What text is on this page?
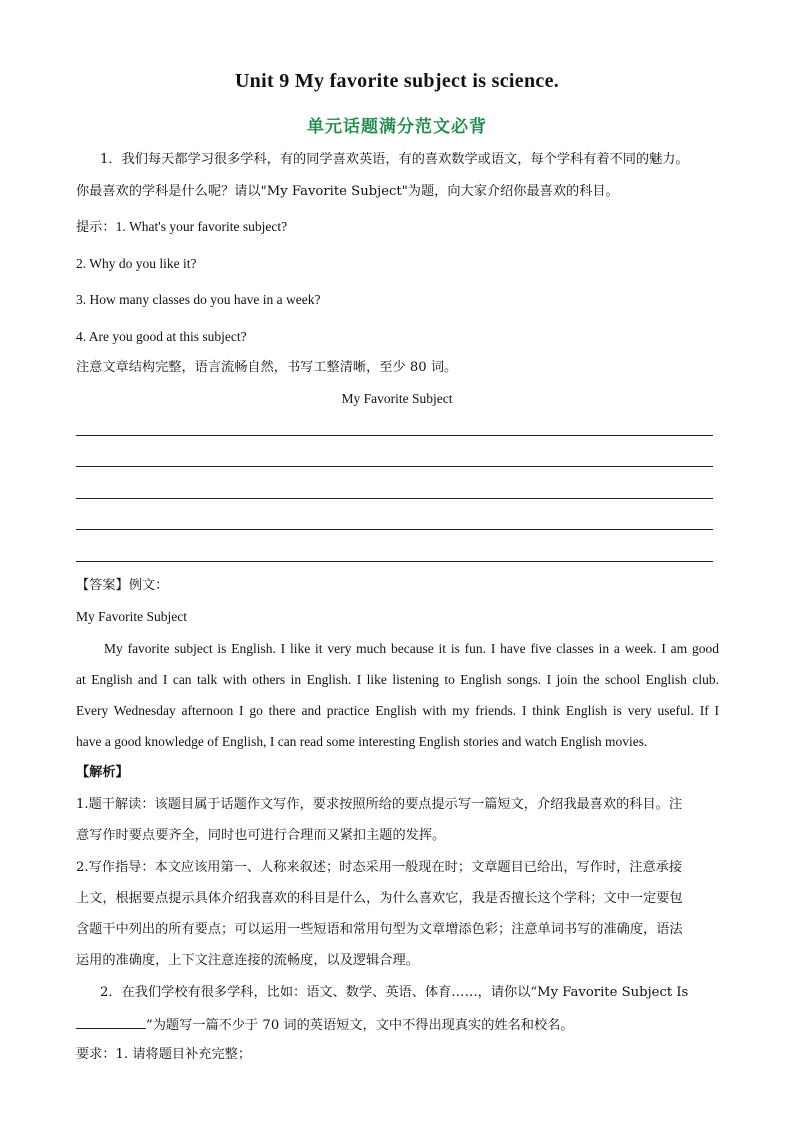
Unit 9 My favorite subject is science.
单元话题满分范文必背
1．我们每天都学习很多学科，有的同学喜欢英语，有的喜欢数学或语文，每个学科有着不同的魅力。
你最喜欢的学科是什么呢？请以"My Favorite Subject"为题，向大家介绍你最喜欢的科目。
提示：1. What's your favorite subject?
2. Why do you like it?
3. How many classes do you have in a week?
4. Are you good at this subject?
注意文章结构完整，语言流畅自然，书写工整清晰，至少 80 词。
My Favorite Subject
【答案】例文：
My Favorite Subject
My favorite subject is English. I like it very much because it is fun. I have five classes in a week. I am good
at English and I can talk with others in English. I like listening to English songs. I join the school English club.
Every Wednesday afternoon I go there and practice English with my friends. I think English is very useful. If I
have a good knowledge of English, I can read some interesting English stories and watch English movies.
【解析】
1.题干解读：该题目属于话题作文写作，要求按照所给的要点提示写一篇短文，介绍我最喜欢的科目。注
意写作时要点要齐全，同时也可进行合理而又紧扣主题的发挥。
2.写作指导：本文应该用第一、人称来叙述；时态采用一般现在时；文章题目已给出，写作时，注意承接
上文，根据要点提示具体介绍我喜欢的科目是什么，为什么喜欢它，我是否擅长这个学科；文中一定要包
含题干中列出的所有要点；可以运用一些短语和常用句型为文章增添色彩；注意单词书写的准确度，语法
运用的准确度，上下文注意连接的流畅度，以及逻辑合理。
2．在我们学校有很多学科，比如：语文、数学、英语、体育……，请你以“My Favorite Subject Is
”为题写一篇不少于 70 词的英语短文，文中不得出现真实的姓名和校名。
要求：1. 请将题目补充完整；
